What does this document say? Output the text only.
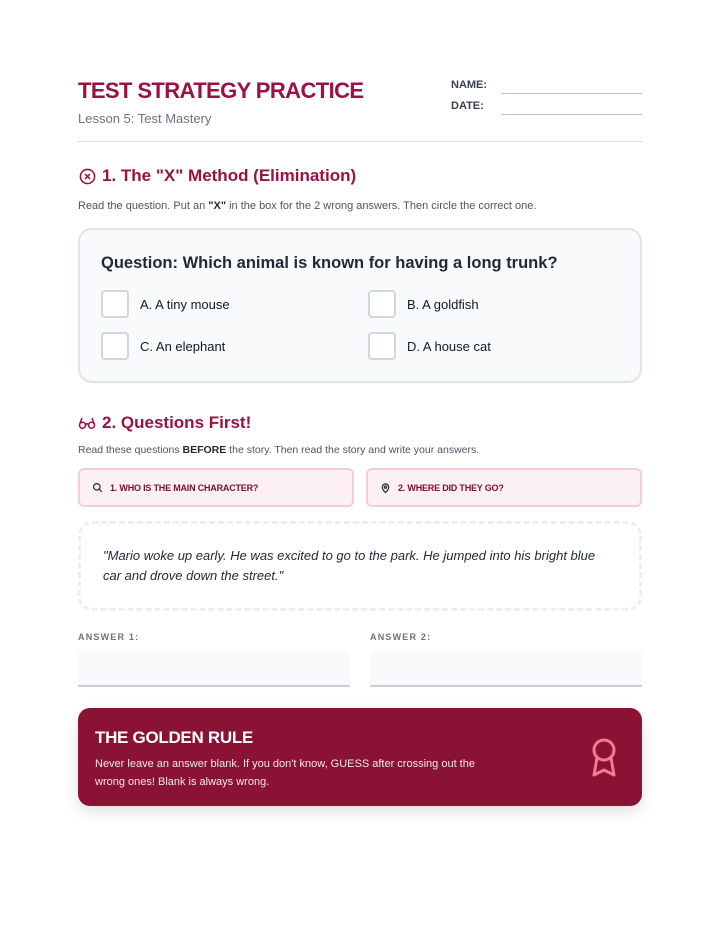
TEST STRATEGY PRACTICE
Lesson 5: Test Mastery
NAME:
DATE:
1. The "X" Method (Elimination)
Read the question. Put an "X" in the box for the 2 wrong answers. Then circle the correct one.
Question: Which animal is known for having a long trunk?
A. A tiny mouse	B. A goldfish
C. An elephant	D. A house cat
2. Questions First!
Read these questions BEFORE the story. Then read the story and write your answers.
1. WHO IS THE MAIN CHARACTER?	2. WHERE DID THEY GO?

"Mario woke up early. He was excited to go to the park. He jumped into his bright blue car and drove down the street."

ANSWER 1:	ANSWER 2:
THE GOLDEN RULE
Never leave an answer blank. If you don't know, GUESS after crossing out the wrong ones! Blank is always wrong.
